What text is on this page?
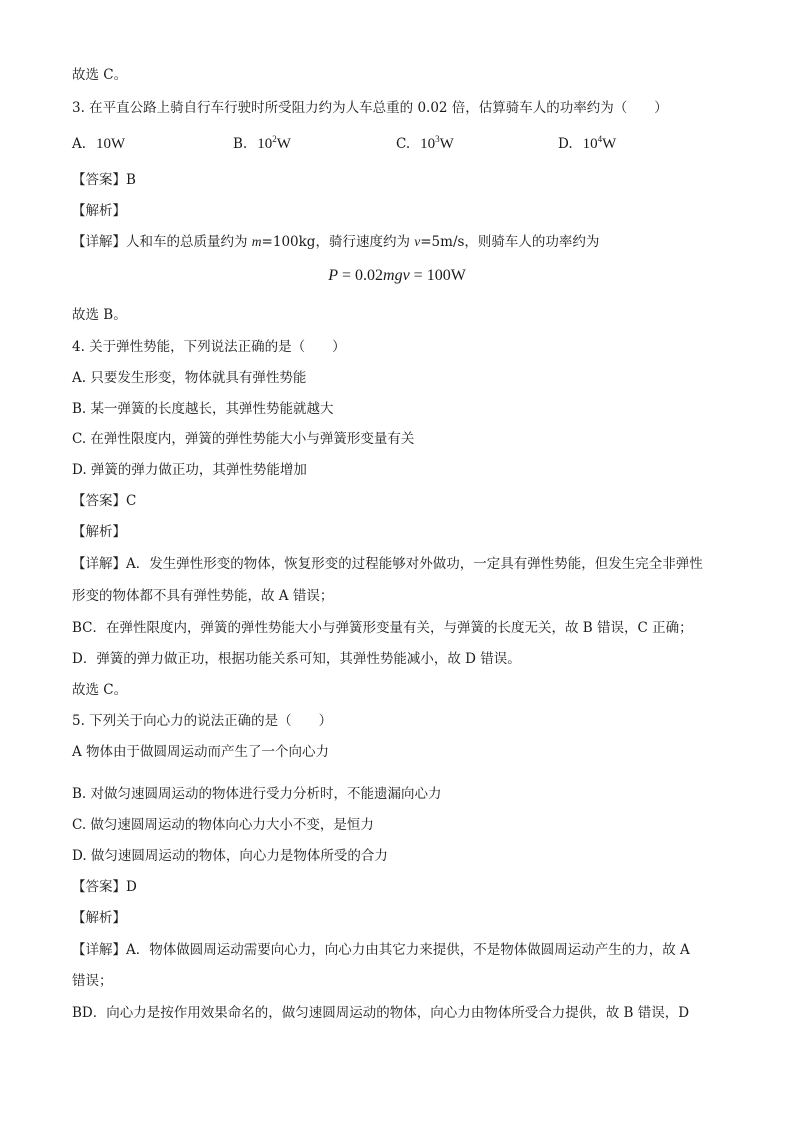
故选 C。
3. 在平直公路上骑自行车行驶时所受阻力约为人车总重的 0.02 倍，估算骑车人的功率约为（　　）
A. 10W	B. $10^2W$	C. $10^3W$	D. $10^4W$
【答案】B
【解析】
【详解】人和车的总质量约为 m=100kg，骑行速度约为 v=5m/s，则骑车人的功率约为
P = 0.02mgv = 100W
故选 B。
4. 关于弹性势能，下列说法正确的是（　　）
A. 只要发生形变，物体就具有弹性势能
B. 某一弹簧的长度越长，其弹性势能就越大
C. 在弹性限度内，弹簧的弹性势能大小与弹簧形变量有关
D. 弹簧的弹力做正功，其弹性势能增加
【答案】C
【解析】
【详解】A．发生弹性形变的物体，恢复形变的过程能够对外做功，一定具有弹性势能，但发生完全非弹性
形变的物体都不具有弹性势能，故 A 错误；
BC．在弹性限度内，弹簧的弹性势能大小与弹簧形变量有关，与弹簧的长度无关，故 B 错误，C 正确；
D．弹簧的弹力做正功，根据功能关系可知，其弹性势能减小，故 D 错误。
故选 C。
5. 下列关于向心力的说法正确的是（　　）
A 物体由于做圆周运动而产生了一个向心力
B. 对做匀速圆周运动的物体进行受力分析时，不能遗漏向心力
C. 做匀速圆周运动的物体向心力大小不变，是恒力
D. 做匀速圆周运动的物体，向心力是物体所受的合力
【答案】D
【解析】
【详解】A．物体做圆周运动需要向心力，向心力由其它力来提供，不是物体做圆周运动产生的力，故 A
错误；
BD．向心力是按作用效果命名的，做匀速圆周运动的物体，向心力由物体所受合力提供，故 B 错误，D
